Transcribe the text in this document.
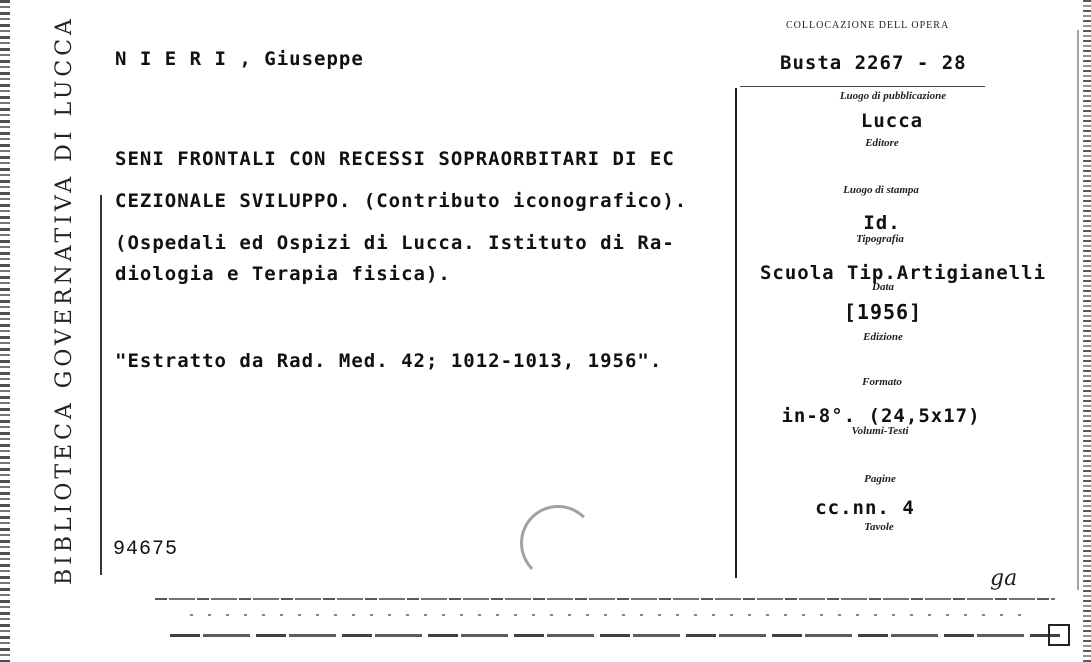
BIBLIOTECA GOVERNATIVA DI LUCCA	COLLOCAZIONE DELL OPERA
Busta 2267 - 28
N I E R I , Giuseppe
SENI FRONTALI CON RECESSI SOPRAORBITARI DI EC
CEZIONALE SVILUPPO. (Contributo iconografico).
(Ospedali ed Ospizi di Lucca. Istituto di Ra-
diologia e Terapia fisica).
"Estratto da Rad. Med. 42; 1012-1013, 1956".
94675
Luogo di pubblicazione
Lucca
Editore
Luogo di stampa
Id.
Tipografia
Scuola Tip.Artigianelli
Data
[1956]
Edizione
Formato
in-8°. (24,5x17)
Volumi-Testi
Pagine
cc.nn. 4
Tavole
ga
